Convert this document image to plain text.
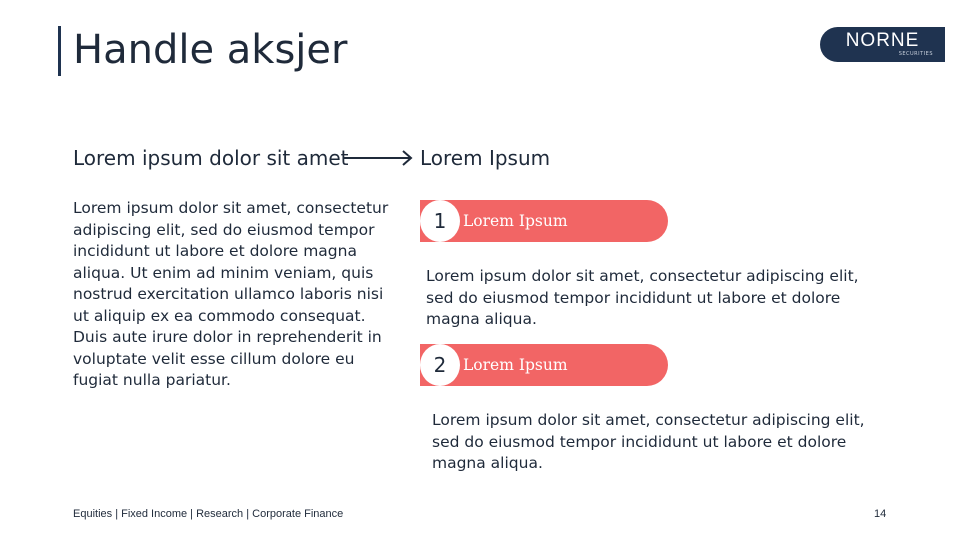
Handle aksjer	NORNE
SECURITIES
Lorem ipsum dolor sit amet	Lorem Ipsum
Lorem ipsum dolor sit amet, consectetur adipiscing elit, sed do eiusmod tempor incididunt ut labore et dolore magna aliqua. Ut enim ad minim veniam, quis nostrud exercitation ullamco laboris nisi ut aliquip ex ea commodo consequat. Duis aute irure dolor in reprehenderit in voluptate velit esse cillum dolore eu fugiat nulla pariatur.
1	Lorem Ipsum
Lorem ipsum dolor sit amet, consectetur adipiscing elit, sed do eiusmod tempor incididunt ut labore et dolore magna aliqua.
2	Lorem Ipsum
Lorem ipsum dolor sit amet, consectetur adipiscing elit, sed do eiusmod tempor incididunt ut labore et dolore magna aliqua.
Equities | Fixed Income | Research | Corporate Finance	14
